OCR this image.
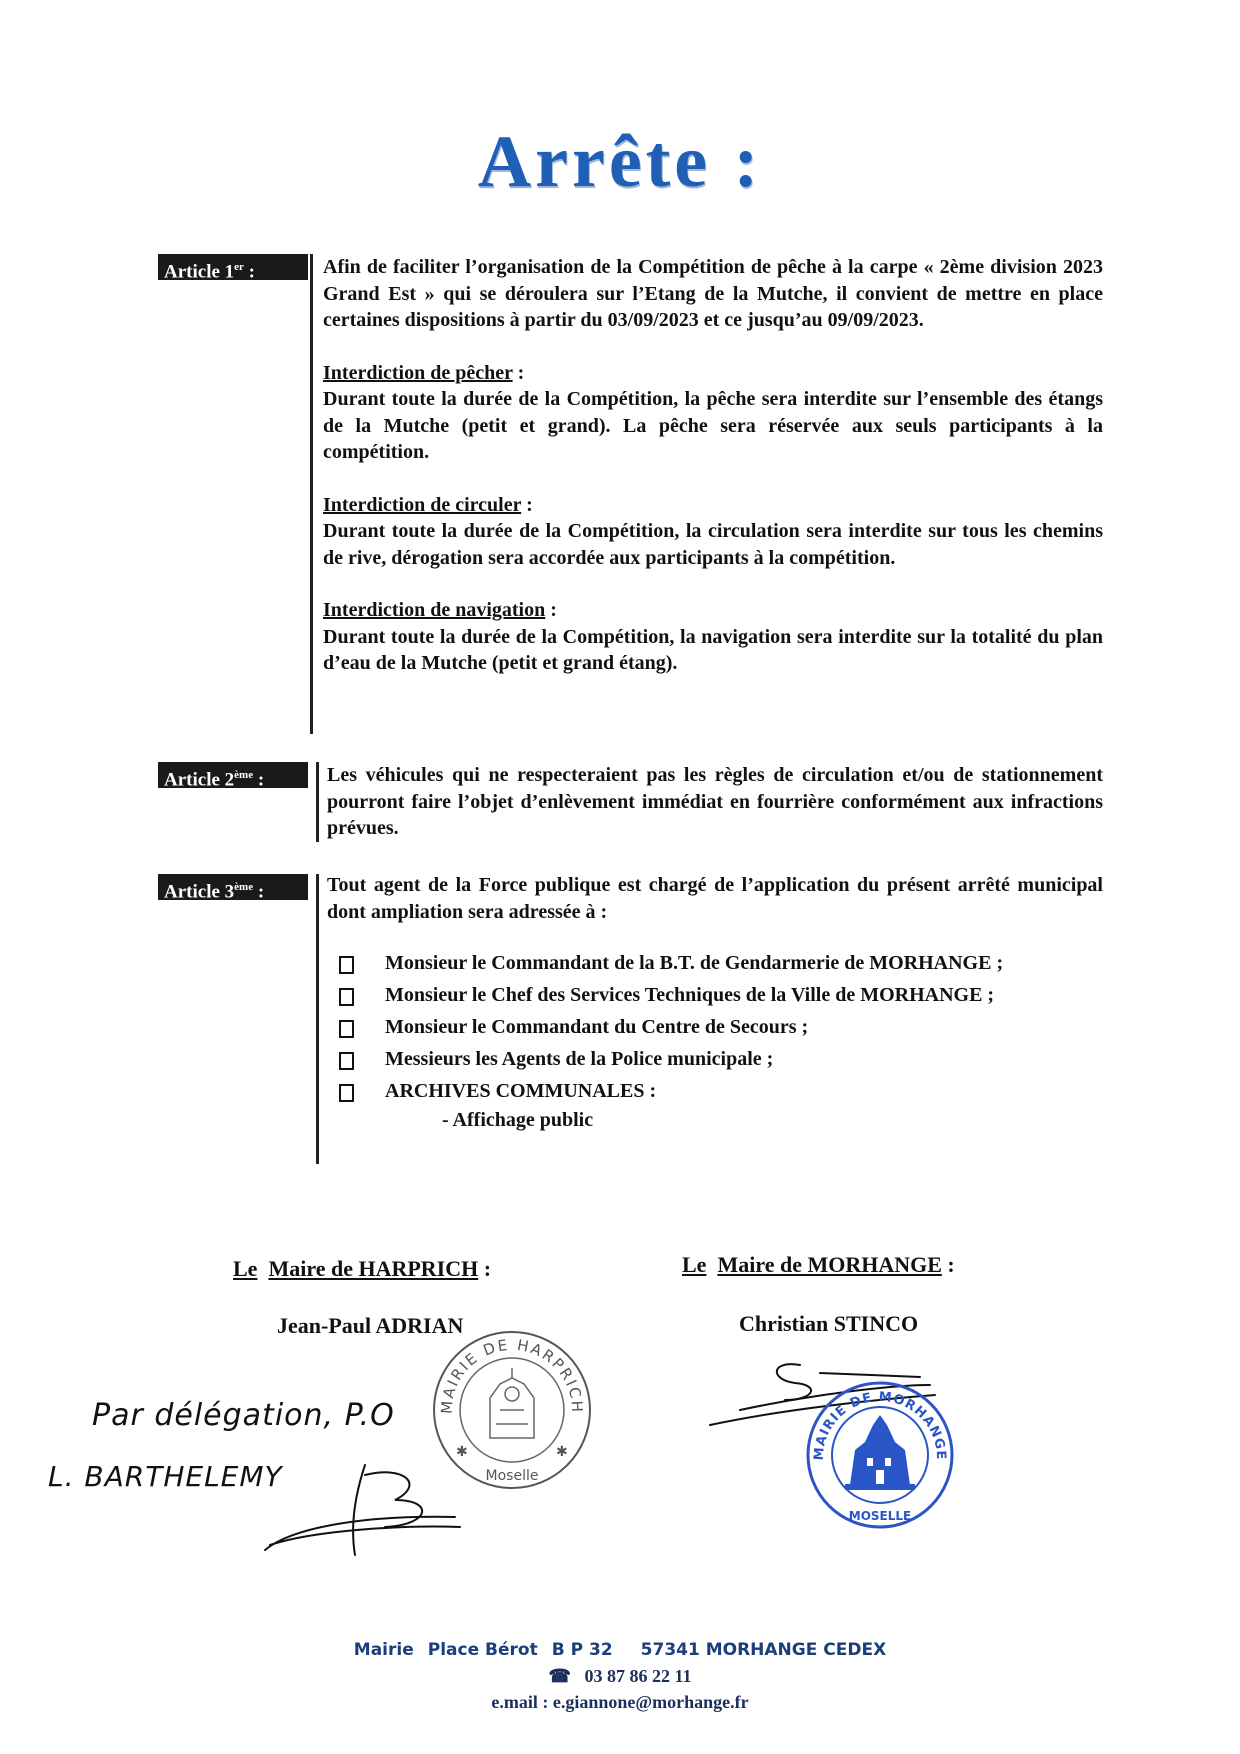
Arrête :
Article 1er :	Afin de faciliter l’organisation de la Compétition de pêche à la carpe « 2ème division 2023 Grand Est » qui se déroulera sur l’Etang de la Mutche, il convient de mettre en place certaines dispositions à partir du 03/09/2023 et ce jusqu’au 09/09/2023.

Interdiction de pêcher :

Durant toute la durée de la Compétition, la pêche sera interdite sur l’ensemble des étangs de la Mutche (petit et grand). La pêche sera réservée aux seuls participants à la compétition.

Interdiction de circuler :

Durant toute la durée de la Compétition, la circulation sera interdite sur tous les chemins de rive, dérogation sera accordée aux participants à la compétition.

Interdiction de navigation :

Durant toute la durée de la Compétition, la navigation sera interdite sur la totalité du plan d’eau de la Mutche (petit et grand étang).

Article 2ème :	Les véhicules qui ne respecteraient pas les règles de circulation et/ou de stationnement pourront faire l’objet d’enlèvement immédiat en fourrière conformément aux infractions prévues.

Article 3ème :	Tout agent de la Force publique est chargé de l’application du présent arrêté municipal dont ampliation sera adressée à :

Monsieur le Commandant de la B.T. de Gendarmerie de MORHANGE ;
Monsieur le Chef des Services Techniques de la Ville de MORHANGE ;
Monsieur le Commandant du Centre de Secours ;
Messieurs les Agents de la Police municipale ;
ARCHIVES COMMUNALES :
- Affichage public
Le Maire de HARPRICH :
Jean-Paul ADRIAN
MAIRIE DE HARPRICH
Moselle
✱	✱
Par délégation, P.O
L. BARTHELEMY
Le Maire de MORHANGE :
Christian STINCO
MAIRIE DE MORHANGE
MOSELLE
Mairie Place Bérot B P 32 57341 MORHANGE CEDEX
☎ 03 87 86 22 11
e.mail : e.giannone@morhange.fr
